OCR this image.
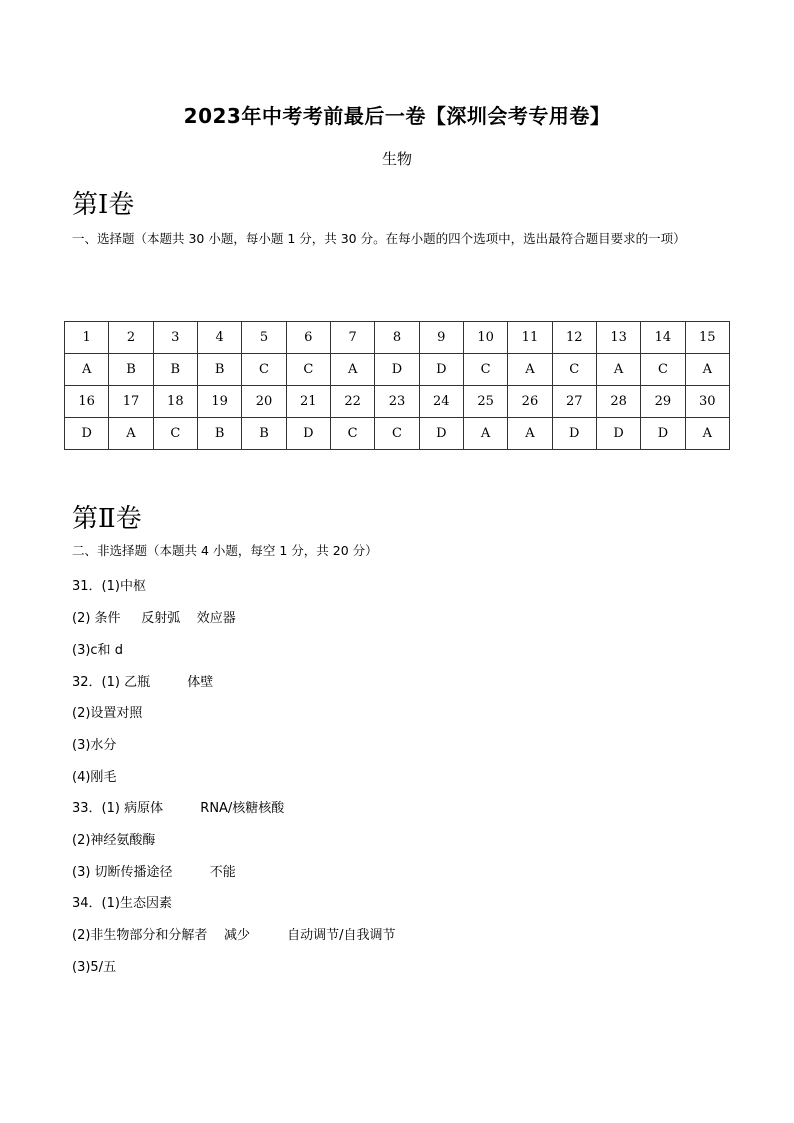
2023年中考考前最后一卷【深圳会考专用卷】
生物
第Ⅰ卷
一、选择题（本题共 30 小题，每小题 1 分，共 30 分。在每小题的四个选项中，选出最符合题目要求的一项）
1	2	3	4	5	6	7	8	9	10	11	12	13	14	15
A	B	B	B	C	C	A	D	D	C	A	C	A	C	A
16	17	18	19	20	21	22	23	24	25	26	27	28	29	30
D	A	C	B	B	D	C	C	D	A	A	D	D	D	A
第Ⅱ卷
二、非选择题（本题共 4 小题，每空 1 分，共 20 分）
31．(1)中枢
(2) 条件     反射弧    效应器
(3)c和 d
32．(1) 乙瓶         体壁
(2)设置对照
(3)水分
(4)刚毛
33．(1) 病原体         RNA/核糖核酸
(2)神经氨酸酶
(3) 切断传播途径         不能
34．(1)生态因素
(2)非生物部分和分解者    减少         自动调节/自我调节
(3)5/五
